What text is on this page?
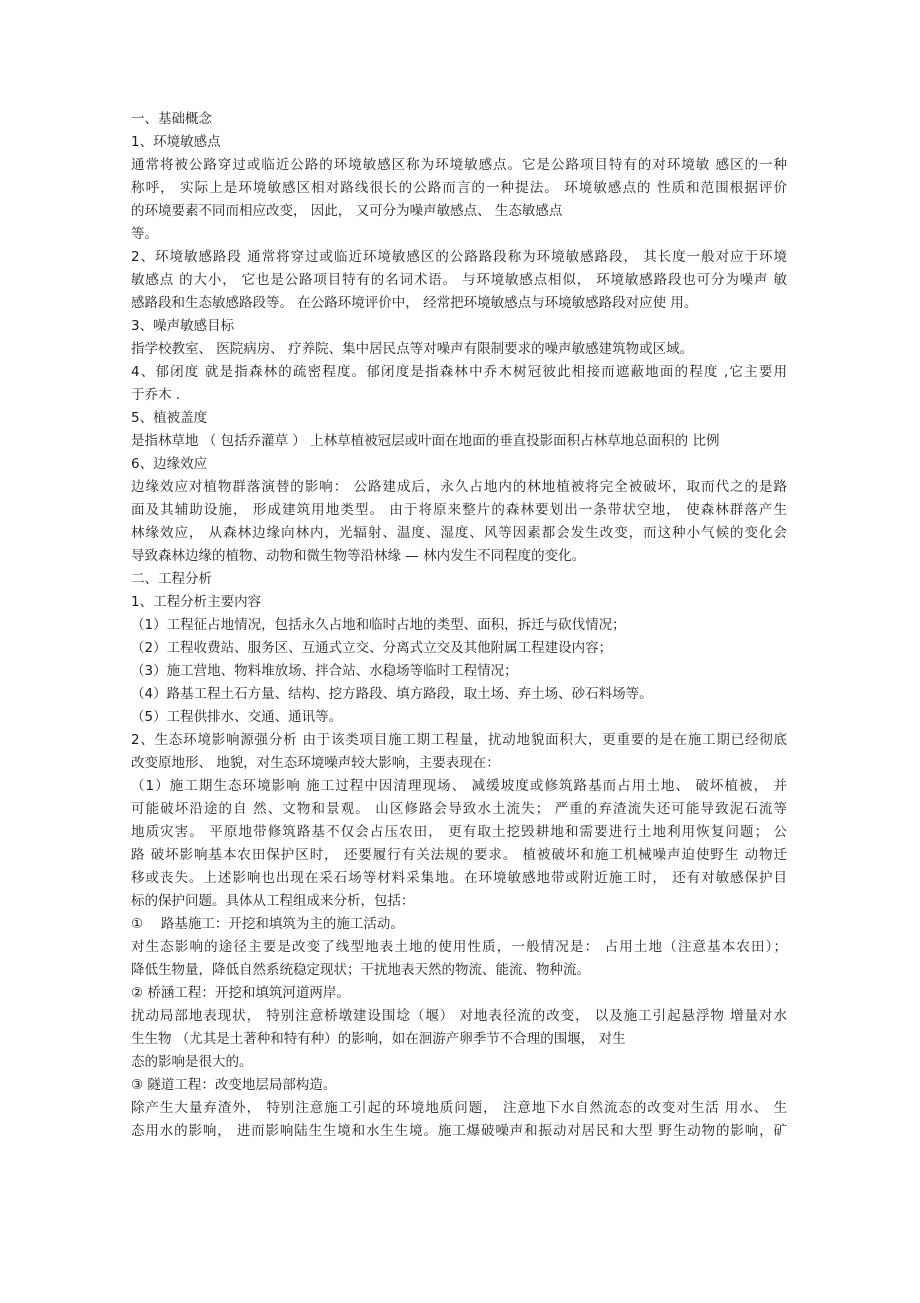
一、基础概念
1、环境敏感点
通常将被公路穿过或临近公路的环境敏感区称为环境敏感点。它是公路项目特有的对环境敏 感区的一种
称呼， 实际上是环境敏感区相对路线很长的公路而言的一种提法。 环境敏感点的 性质和范围根据评价
的环境要素不同而相应改变， 因此， 又可分为噪声敏感点、 生态敏感点
等。
2、环境敏感路段 通常将穿过或临近环境敏感区的公路路段称为环境敏感路段， 其长度一般对应于环境
敏感点 的大小， 它也是公路项目特有的名词术语。 与环境敏感点相似， 环境敏感路段也可分为噪声 敏
感路段和生态敏感路段等。 在公路环境评价中， 经常把环境敏感点与环境敏感路段对应使 用。
3、噪声敏感目标
指学校教室、 医院病房、 疗养院、集中居民点等对噪声有限制要求的噪声敏感建筑物或区域。
4、郁闭度 就是指森林的疏密程度。郁闭度是指森林中乔木树冠彼此相接而遮蔽地面的程度 ,它主要用
于乔木 .
5、植被盖度
是指林草地 （ 包括乔灌草 ） 上林草植被冠层或叶面在地面的垂直投影面积占林草地总面积的 比例
6、边缘效应
边缘效应对植物群落演替的影响： 公路建成后，永久占地内的林地植被将完全被破坏，取而代之的是路
面及其辅助设施， 形成建筑用地类型。 由于将原来整片的森林要划出一条带状空地， 使森林群落产生
林缘效应， 从森林边缘向林内，光辐射、温度、湿度、风等因素都会发生改变，而这种小气候的变化会
导致森林边缘的植物、动物和微生物等沿林缘 — 林内发生不同程度的变化。
二、工程分析
1、工程分析主要内容
（1）工程征占地情况，包括永久占地和临时占地的类型、面积，拆迁与砍伐情况；
（2）工程收费站、服务区、互通式立交、分离式立交及其他附属工程建设内容；
（3）施工营地、物料堆放场、拌合站、水稳场等临时工程情况；
（4）路基工程土石方量、结构、挖方路段、填方路段，取土场、弃土场、砂石料场等。
（5）工程供排水、交通、通讯等。
2、生态环境影响源强分析 由于该类项目施工期工程量，扰动地貌面积大，更重要的是在施工期已经彻底
改变原地形、 地貌，对生态环境噪声较大影响，主要表现在：
（1）施工期生态环境影响 施工过程中因清理现场、 减缓坡度或修筑路基而占用土地、 破坏植被， 并
可能破坏沿途的自 然、文物和景观。 山区修路会导致水土流失； 严重的弃渣流失还可能导致泥石流等
地质灾害。 平原地带修筑路基不仅会占压农田， 更有取土挖毁耕地和需要进行土地利用恢复问题； 公
路 破坏影响基本农田保护区时， 还要履行有关法规的要求。 植被破坏和施工机械噪声迫使野生 动物迁
移或丧失。上述影响也出现在采石场等材料采集地。在环境敏感地带或附近施工时， 还有对敏感保护目
标的保护问题。具体从工程组成来分析，包括：
①　 路基施工：开挖和填筑为主的施工活动。
对生态影响的途径主要是改变了线型地表土地的使用性质，一般情况是： 占用土地（注意基本农田）；
降低生物量，降低自然系统稳定现状；干扰地表天然的物流、能流、物种流。
② 桥涵工程：开挖和填筑河道两岸。
扰动局部地表现状， 特别注意桥墩建设围埝（堰） 对地表径流的改变， 以及施工引起悬浮物 增量对水
生生物 （尤其是土著种和特有种）的影响，如在洄游产卵季节不合理的围堰， 对生
态的影响是很大的。
③ 隧道工程：改变地层局部构造。
除产生大量弃渣外， 特别注意施工引起的环境地质问题， 注意地下水自然流态的改变对生活 用水、 生
态用水的影响， 进而影响陆生生境和水生生境。施工爆破噪声和振动对居民和大型 野生动物的影响，矿
